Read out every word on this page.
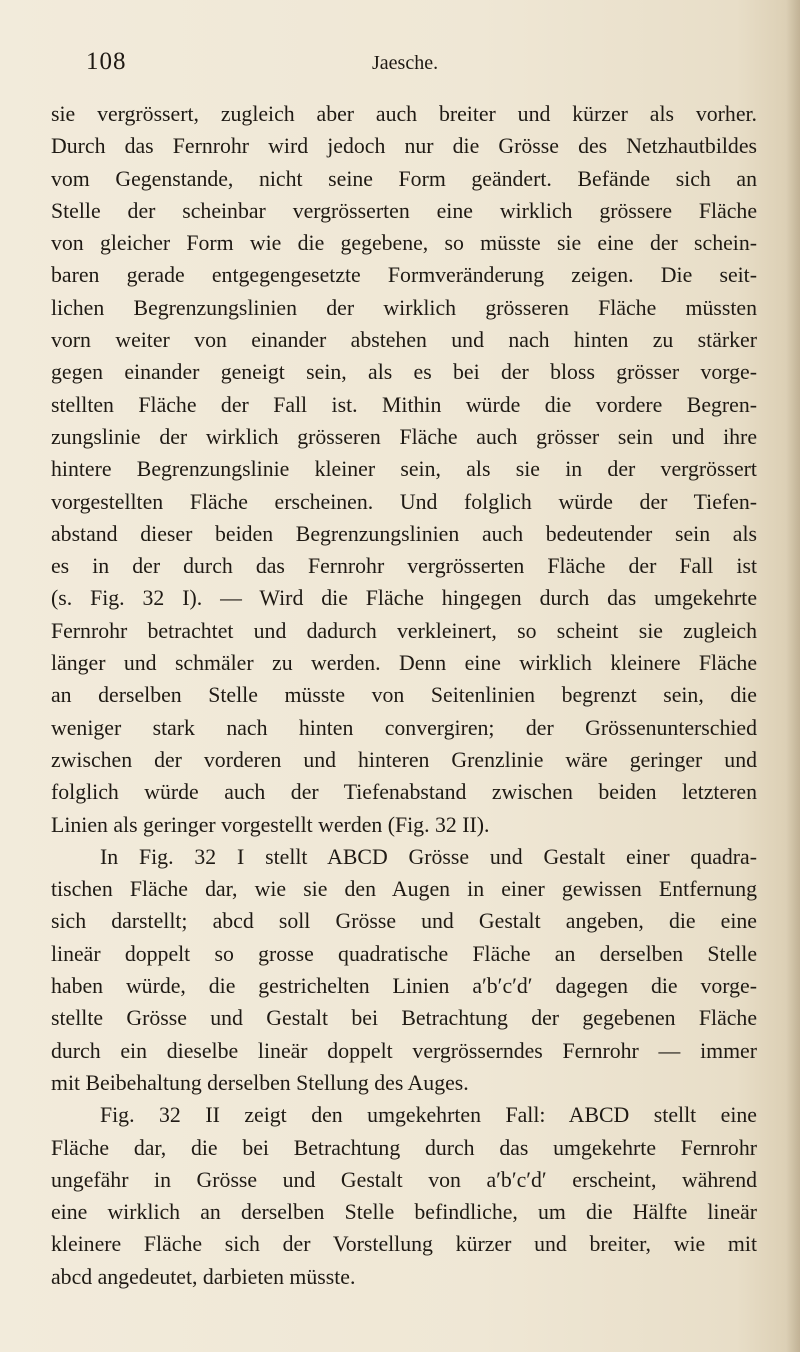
108	Jaesche.
sie vergrössert, zugleich aber auch breiter und kürzer als vorher.
Durch das Fernrohr wird jedoch nur die Grösse des Netzhautbildes
vom Gegenstande, nicht seine Form geändert. Befände sich an
Stelle der scheinbar vergrösserten eine wirklich grössere Fläche
von gleicher Form wie die gegebene, so müsste sie eine der schein-
baren gerade entgegengesetzte Formveränderung zeigen. Die seit-
lichen Begrenzungslinien der wirklich grösseren Fläche müssten
vorn weiter von einander abstehen und nach hinten zu stärker
gegen einander geneigt sein, als es bei der bloss grösser vorge-
stellten Fläche der Fall ist. Mithin würde die vordere Begren-
zungslinie der wirklich grösseren Fläche auch grösser sein und ihre
hintere Begrenzungslinie kleiner sein, als sie in der vergrössert
vorgestellten Fläche erscheinen. Und folglich würde der Tiefen-
abstand dieser beiden Begrenzungslinien auch bedeutender sein als
es in der durch das Fernrohr vergrösserten Fläche der Fall ist
(s. Fig. 32 I). — Wird die Fläche hingegen durch das umgekehrte
Fernrohr betrachtet und dadurch verkleinert, so scheint sie zugleich
länger und schmäler zu werden. Denn eine wirklich kleinere Fläche
an derselben Stelle müsste von Seitenlinien begrenzt sein, die
weniger stark nach hinten convergiren; der Grössenunterschied
zwischen der vorderen und hinteren Grenzlinie wäre geringer und
folglich würde auch der Tiefenabstand zwischen beiden letzteren
Linien als geringer vorgestellt werden (Fig. 32 II).
In Fig. 32 I stellt ABCD Grösse und Gestalt einer quadra-
tischen Fläche dar, wie sie den Augen in einer gewissen Entfernung
sich darstellt; abcd soll Grösse und Gestalt angeben, die eine
lineär doppelt so grosse quadratische Fläche an derselben Stelle
haben würde, die gestrichelten Linien a′b′c′d′ dagegen die vorge-
stellte Grösse und Gestalt bei Betrachtung der gegebenen Fläche
durch ein dieselbe lineär doppelt vergrösserndes Fernrohr — immer
mit Beibehaltung derselben Stellung des Auges.
Fig. 32 II zeigt den umgekehrten Fall: ABCD stellt eine
Fläche dar, die bei Betrachtung durch das umgekehrte Fernrohr
ungefähr in Grösse und Gestalt von a′b′c′d′ erscheint, während
eine wirklich an derselben Stelle befindliche, um die Hälfte lineär
kleinere Fläche sich der Vorstellung kürzer und breiter, wie mit
abcd angedeutet, darbieten müsste.
